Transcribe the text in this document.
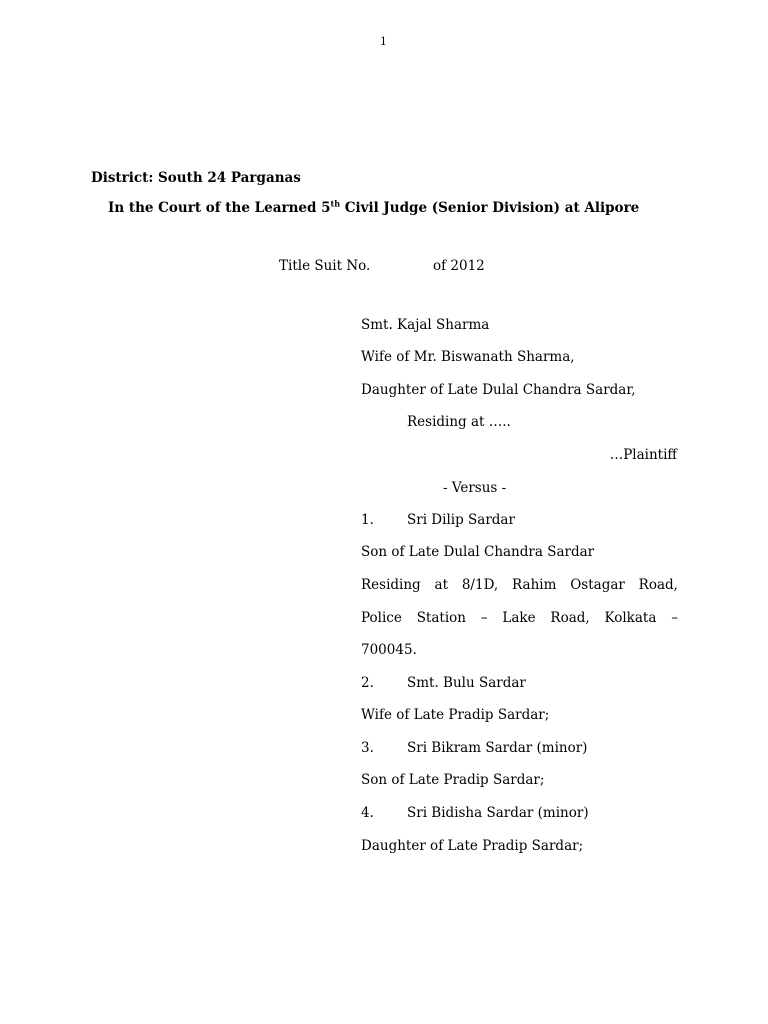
1
District: South 24 Parganas
In the Court of the Learned 5th Civil Judge (Senior Division) at Alipore
Title Suit No.	of 2012
Smt. Kajal Sharma
Wife of Mr. Biswanath Sharma,
Daughter of Late Dulal Chandra Sardar,
Residing at …..
…Plaintiff
- Versus -
1. Sri Dilip Sardar
Son of Late Dulal Chandra Sardar
Residing at 8/1D, Rahim Ostagar Road,
Police Station – Lake Road, Kolkata –
700045.
2. Smt. Bulu Sardar
Wife of Late Pradip Sardar;
3. Sri Bikram Sardar (minor)
Son of Late Pradip Sardar;
4. Sri Bidisha Sardar (minor)
Daughter of Late Pradip Sardar;
